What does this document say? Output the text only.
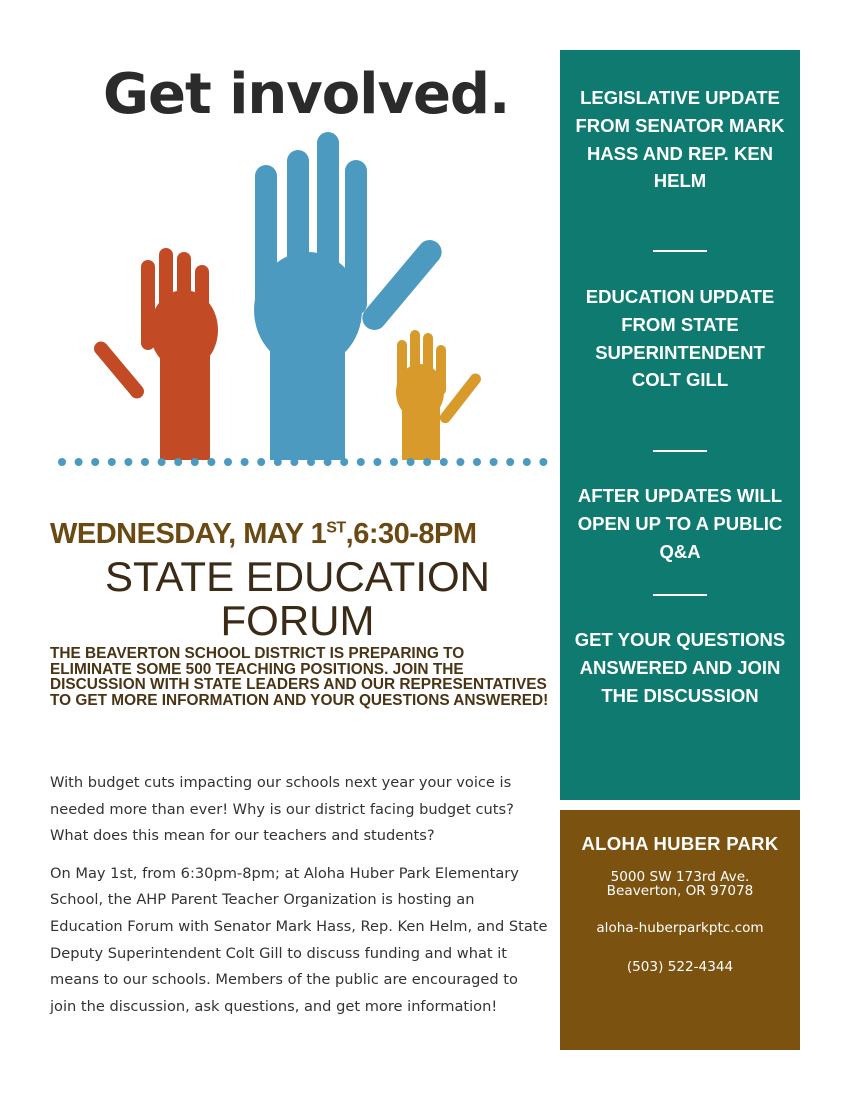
Get involved.
WEDNESDAY, MAY 1ST,6:30-8PM
STATE EDUCATION FORUM
THE BEAVERTON SCHOOL DISTRICT IS PREPARING TO ELIMINATE SOME 500 TEACHING POSITIONS. JOIN THE DISCUSSION WITH STATE LEADERS AND OUR REPRESENTATIVES TO GET MORE INFORMATION AND YOUR QUESTIONS ANSWERED!

With budget cuts impacting our schools next year your voice is needed more than ever! Why is our district facing budget cuts? What does this mean for our teachers and students?

On May 1st, from 6:30pm-8pm; at Aloha Huber Park Elementary School, the AHP Parent Teacher Organization is hosting an Education Forum with Senator Mark Hass, Rep. Ken Helm, and State Deputy Superintendent Colt Gill to discuss funding and what it means to our schools. Members of the public are encouraged to join the discussion, ask questions, and get more information!

LEGISLATIVE UPDATE FROM SENATOR MARK HASS AND REP. KEN HELM
EDUCATION UPDATE FROM STATE SUPERINTENDENT COLT GILL
AFTER UPDATES WILL OPEN UP TO A PUBLIC Q&A
GET YOUR QUESTIONS ANSWERED AND JOIN THE DISCUSSION
ALOHA HUBER PARK
5000 SW 173rd Ave.
Beaverton, OR 97078
aloha-huberparkptc.com
(503) 522-4344
